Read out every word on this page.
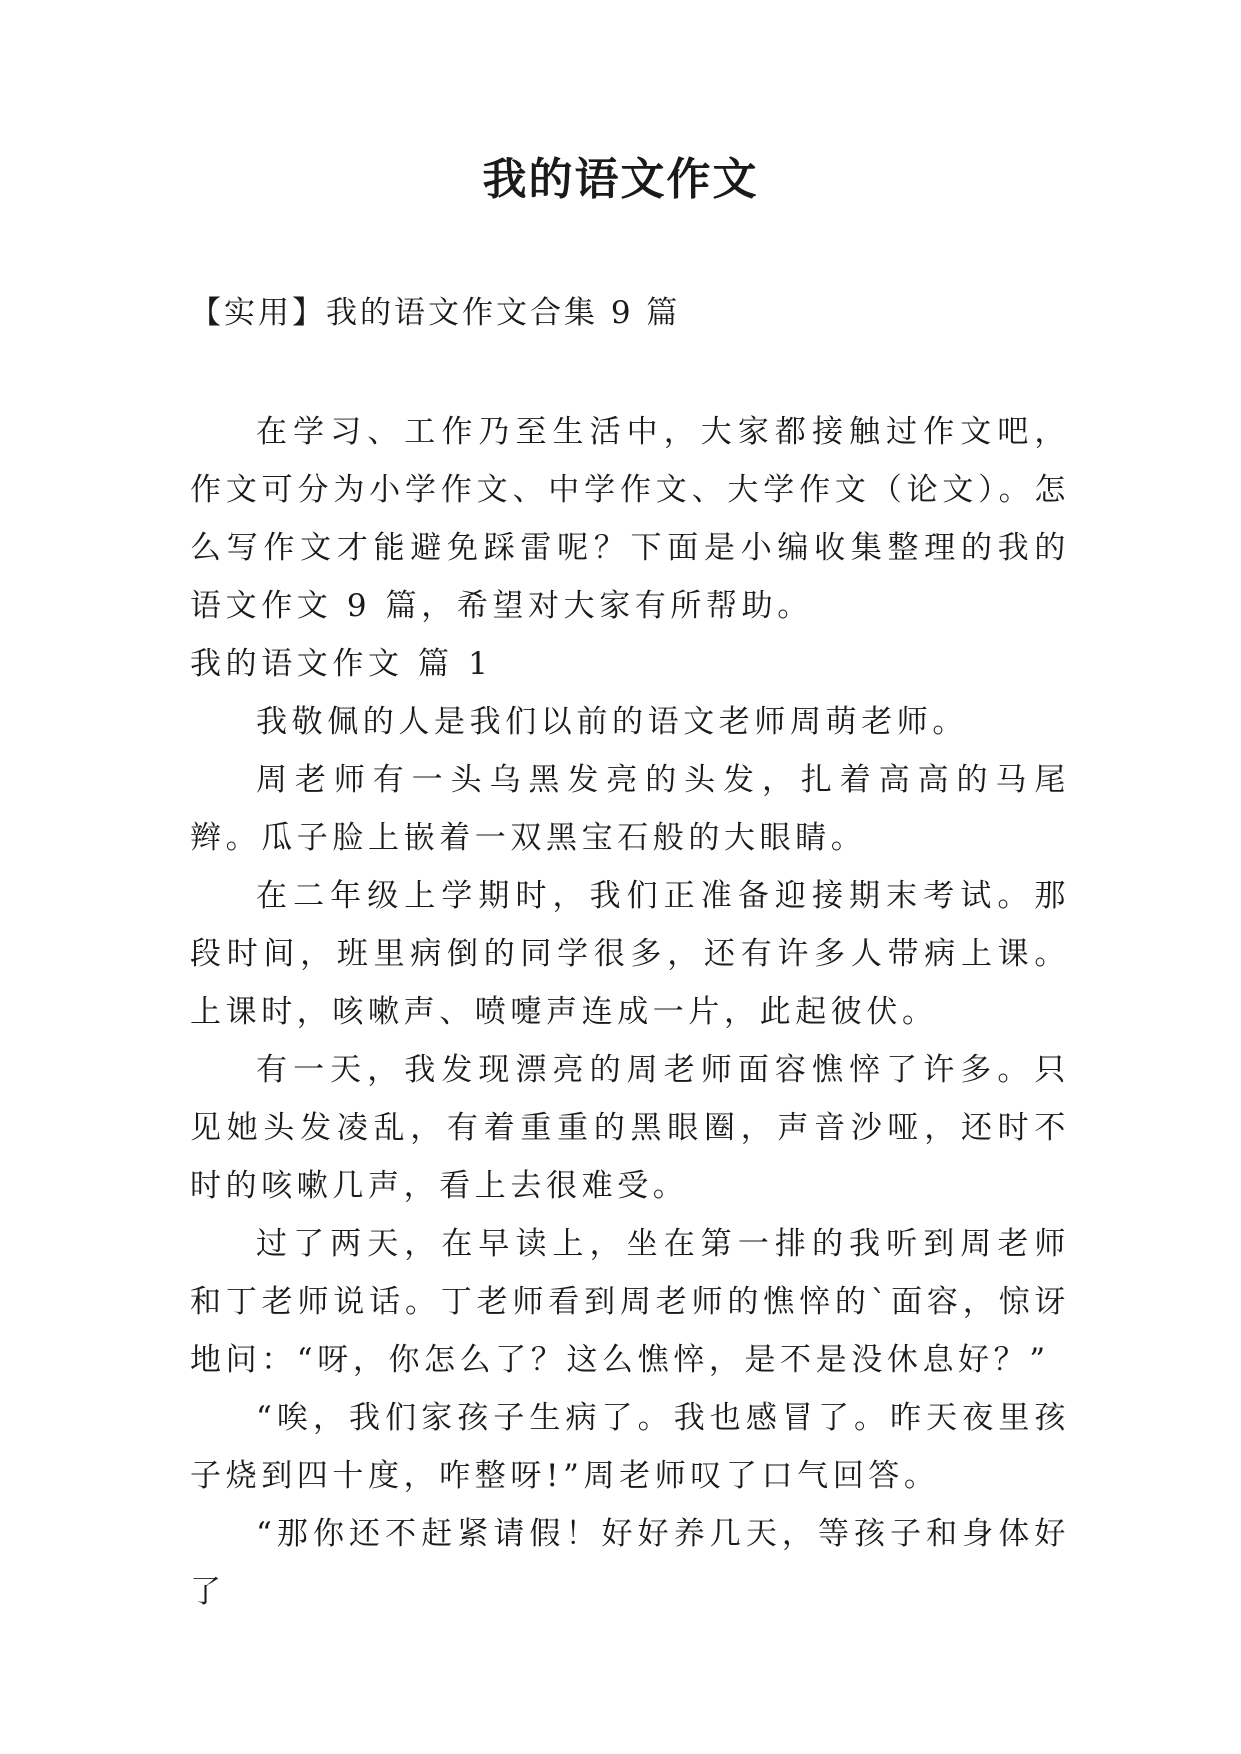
我的语文作文

【实用】我的语文作文合集 9 篇

在学习、工作乃至生活中，大家都接触过作文吧，作文可分为小学作文、中学作文、大学作文（论文）。怎么写作文才能避免踩雷呢？下面是小编收集整理的我的语文作文 9 篇，希望对大家有所帮助。

我的语文作文 篇 1

我敬佩的人是我们以前的语文老师周萌老师。

周老师有一头乌黑发亮的头发，扎着高高的马尾辫。瓜子脸上嵌着一双黑宝石般的大眼睛。

在二年级上学期时，我们正准备迎接期末考试。那段时间，班里病倒的同学很多，还有许多人带病上课。上课时，咳嗽声、喷嚏声连成一片，此起彼伏。

有一天，我发现漂亮的周老师面容憔悴了许多。只见她头发凌乱，有着重重的黑眼圈，声音沙哑，还时不时的咳嗽几声，看上去很难受。

过了两天，在早读上，坐在第一排的我听到周老师和丁老师说话。丁老师看到周老师的憔悴的`面容，惊讶地问：“呀，你怎么了？这么憔悴，是不是没休息好？”

“唉，我们家孩子生病了。我也感冒了。昨天夜里孩子烧到四十度，咋整呀!”周老师叹了口气回答。

“那你还不赶紧请假！好好养几天，等孩子和身体好了
